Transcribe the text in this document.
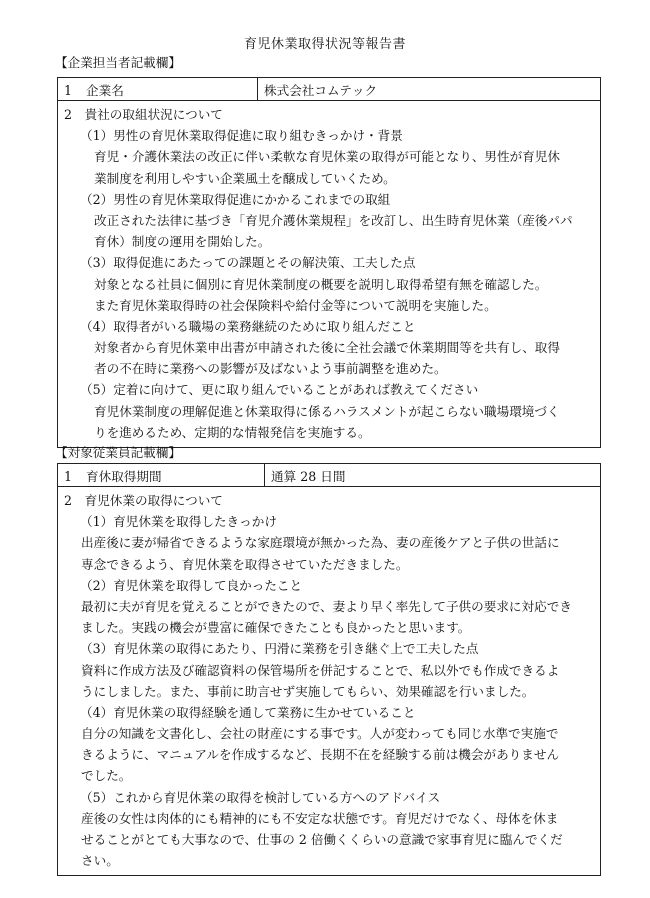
育児休業取得状況等報告書
【企業担当者記載欄】
1 企業名	株式会社コムテック

2　貴社の取組状況について
（1）男性の育児休業取得促進に取り組むきっかけ・背景
育児・介護休業法の改正に伴い柔軟な育児休業の取得が可能となり、男性が育児休
業制度を利用しやすい企業風土を醸成していくため。
（2）男性の育児休業取得促進にかかるこれまでの取組
改正された法律に基づき「育児介護休業規程」を改訂し、出生時育児休業（産後パパ
育休）制度の運用を開始した。
（3）取得促進にあたっての課題とその解決策、工夫した点
対象となる社員に個別に育児休業制度の概要を説明し取得希望有無を確認した。
また育児休業取得時の社会保険料や給付金等について説明を実施した。
（4）取得者がいる職場の業務継続のために取り組んだこと
対象者から育児休業申出書が申請された後に全社会議で休業期間等を共有し、取得
者の不在時に業務への影響が及ばないよう事前調整を進めた。
（5）定着に向けて、更に取り組んでいることがあれば教えてください
育児休業制度の理解促進と休業取得に係るハラスメントが起こらない職場環境づく
りを進めるため、定期的な情報発信を実施する。
【対象従業員記載欄】
1 育休取得期間	通算 28 日間

2　育児休業の取得について
（1）育児休業を取得したきっかけ
出産後に妻が帰省できるような家庭環境が無かった為、妻の産後ケアと子供の世話に
専念できるよう、育児休業を取得させていただきました。
（2）育児休業を取得して良かったこと
最初に夫が育児を覚えることができたので、妻より早く率先して子供の要求に対応でき
ました。実践の機会が豊富に確保できたことも良かったと思います。
（3）育児休業の取得にあたり、円滑に業務を引き継ぐ上で工夫した点
資料に作成方法及び確認資料の保管場所を併記することで、私以外でも作成できるよ
うにしました。また、事前に助言せず実施してもらい、効果確認を行いました。
（4）育児休業の取得経験を通して業務に生かせていること
自分の知識を文書化し、会社の財産にする事です。人が変わっても同じ水準で実施で
きるように、マニュアルを作成するなど、長期不在を経験する前は機会がありません
でした。
（5）これから育児休業の取得を検討している方へのアドバイス
産後の女性は肉体的にも精神的にも不安定な状態です。育児だけでなく、母体を休ま
せることがとても大事なので、仕事の 2 倍働くくらいの意識で家事育児に臨んでくだ
さい。
